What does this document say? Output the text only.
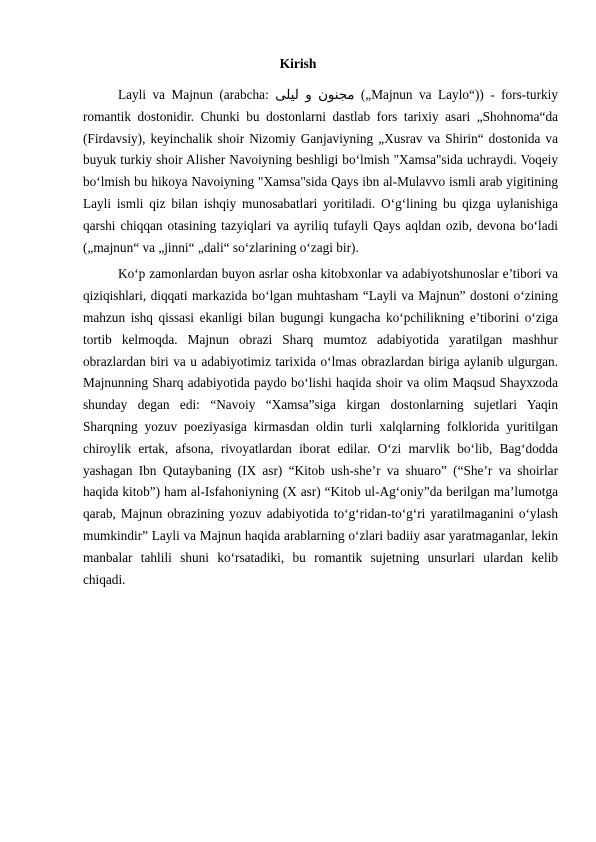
Kirish

Layli va Majnun (arabcha: مجنون و ليلى („Majnun va Laylo“)) - fors-turkiy romantik dostonidir. Chunki bu dostonlarni dastlab fors tarixiy asari „Shohnoma“da (Firdavsiy), keyinchalik shoir Nizomiy Ganjaviyning „Xusrav va Shirin“ dostonida va buyuk turkiy shoir Alisher Navoiyning beshligi bo‘lmish "Xamsa"sida uchraydi. Voqeiy bo‘lmish bu hikoya Navoiyning "Xamsa"sida Qays ibn al-Mulavvo ismli arab yigitining Layli ismli qiz bilan ishqiy munosabatlari yoritiladi. O‘g‘lining bu qizga uylanishiga qarshi chiqqan otasining tazyiqlari va ayriliq tufayli Qays aqldan ozib, devona bo‘ladi („majnun“ va „jinni“ „dali“ so‘zlarining o‘zagi bir).

Ko‘p zamonlardan buyon asrlar osha kitobxonlar va adabiyotshunoslar e’tibori va qiziqishlari, diqqati markazida bo‘lgan muhtasham “Layli va Majnun” dostoni o‘zining mahzun ishq qissasi ekanligi bilan bugungi kungacha ko‘pchilikning e’tiborini o‘ziga tortib kelmoqda. Majnun obrazi Sharq mumtoz adabiyotida yaratilgan mashhur obrazlardan biri va u adabiyotimiz tarixida o‘lmas obrazlardan biriga aylanib ulgurgan. Majnunning Sharq adabiyotida paydo bo‘lishi haqida shoir va olim Maqsud Shayxzoda shunday degan edi: “Navoiy “Xamsa”siga kirgan dostonlarning sujetlari Yaqin Sharqning yozuv poeziyasiga kirmasdan oldin turli xalqlarning folklorida yuritilgan chiroylik ertak, afsona, rivoyatlardan iborat edilar. O‘zi marvlik bo‘lib, Bag‘dodda yashagan Ibn Qutaybaning (IX asr) “Kitob ush-she’r va shuaro” (“She’r va shoirlar haqida kitob”) ham al-Isfahoniyning (X asr) “Kitob ul-Ag‘oniy”da berilgan ma’lumotga qarab, Majnun obrazining yozuv adabiyotida to‘g‘ridan-to‘g‘ri yaratilmaganini o‘ylash mumkindir” Layli va Majnun haqida arablarning o‘zlari badiiy asar yaratmaganlar, lekin manbalar tahlili shuni ko‘rsatadiki, bu romantik sujetning unsurlari ulardan kelib chiqadi.
